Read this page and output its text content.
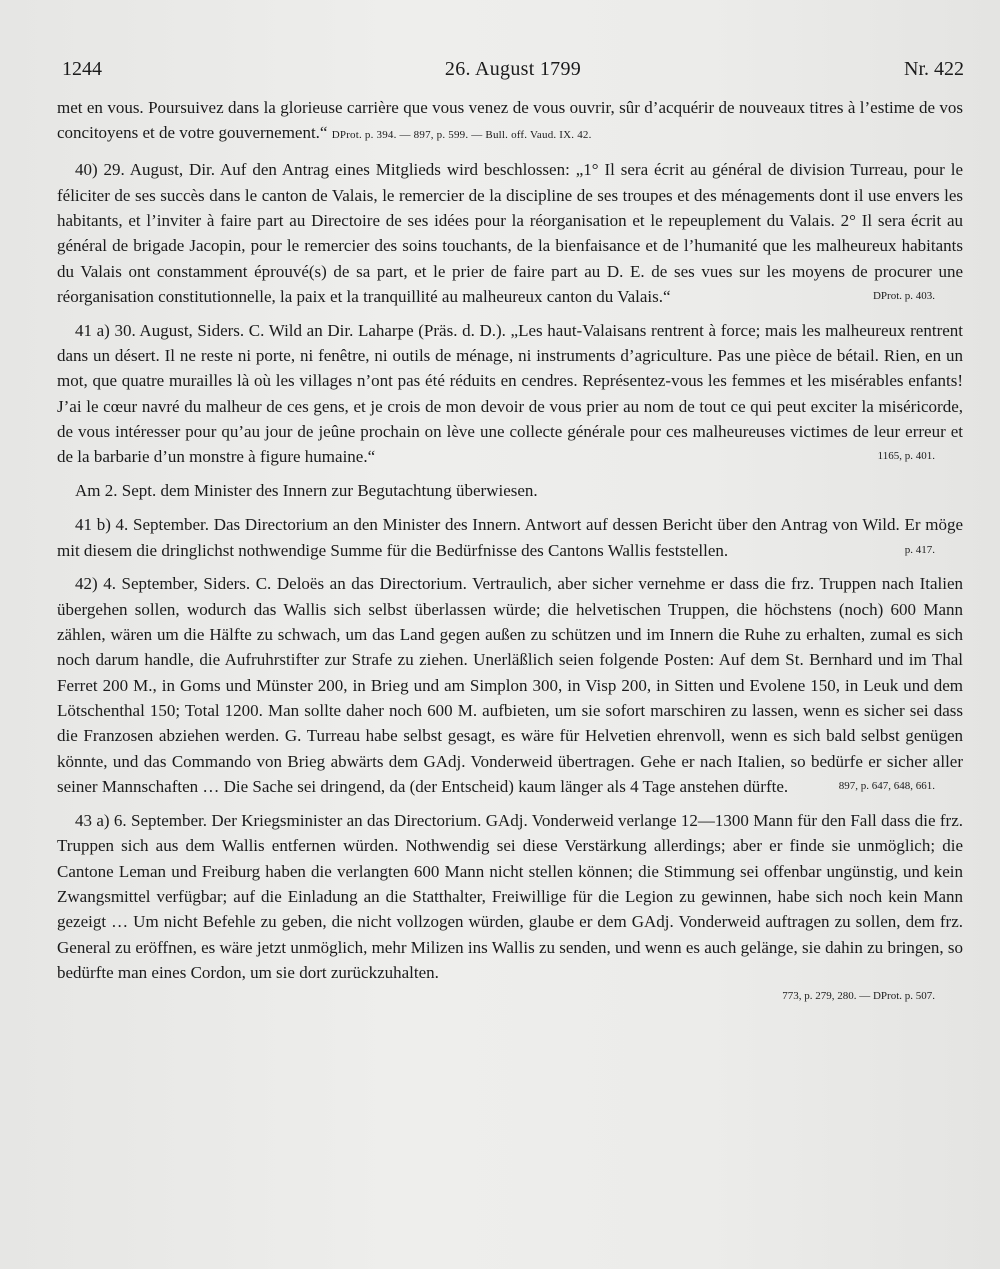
1244	26. August 1799	Nr. 422
met en vous. Poursuivez dans la glorieuse carrière que vous venez de vous ouvrir, sûr d’acquérir de nouveaux titres à l’estime de vos concitoyens et de votre gouvernement.“ DProt. p. 394. — 897, p. 599. — Bull. off. Vaud. IX. 42.
40) 29. August, Dir. Auf den Antrag eines Mitglieds wird beschlossen: „1° Il sera écrit au général de division Turreau, pour le féliciter de ses succès dans le canton de Valais, le remercier de la discipline de ses troupes et des ménagements dont il use envers les habitants, et l’inviter à faire part au Directoire de ses idées pour la réorganisation et le repeuplement du Valais. 2° Il sera écrit au général de brigade Jacopin, pour le remercier des soins touchants, de la bienfaisance et de l’humanité que les malheureux habitants du Valais ont constamment éprouvé(s) de sa part, et le prier de faire part au D. E. de ses vues sur les moyens de procurer une réorganisation constitutionnelle, la paix et la tranquillité au malheureux canton du Valais.“	DProt. p. 403.
41 a) 30. August, Siders. C. Wild an Dir. Laharpe (Präs. d. D.). „Les haut-Valaisans rentrent à force; mais les malheureux rentrent dans un désert. Il ne reste ni porte, ni fenêtre, ni outils de ménage, ni instruments d’agriculture. Pas une pièce de bétail. Rien, en un mot, que quatre murailles là où les villages n’ont pas été réduits en cendres. Représentez-vous les femmes et les misérables enfants! J’ai le cœur navré du malheur de ces gens, et je crois de mon devoir de vous prier au nom de tout ce qui peut exciter la miséricorde, de vous intéresser pour qu’au jour de jeûne prochain on lève une collecte générale pour ces malheureuses victimes de leur erreur et de la barbarie d’un monstre à figure humaine.“	1165, p. 401.
Am 2. Sept. dem Minister des Innern zur Begutachtung überwiesen.
41 b) 4. September. Das Directorium an den Minister des Innern. Antwort auf dessen Bericht über den Antrag von Wild. Er möge mit diesem die dringlichst nothwendige Summe für die Bedürfnisse des Cantons Wallis feststellen.	p. 417.
42) 4. September, Siders. C. Deloës an das Directorium. Vertraulich, aber sicher vernehme er dass die frz. Truppen nach Italien übergehen sollen, wodurch das Wallis sich selbst überlassen würde; die helvetischen Truppen, die höchstens (noch) 600 Mann zählen, wären um die Hälfte zu schwach, um das Land gegen außen zu schützen und im Innern die Ruhe zu erhalten, zumal es sich noch darum handle, die Aufruhrstifter zur Strafe zu ziehen. Unerläßlich seien folgende Posten: Auf dem St. Bernhard und im Thal Ferret 200 M., in Goms und Münster 200, in Brieg und am Simplon 300, in Visp 200, in Sitten und Evolene 150, in Leuk und dem Lötschenthal 150; Total 1200. Man sollte daher noch 600 M. aufbieten, um sie sofort marschiren zu lassen, wenn es sicher sei dass die Franzosen abziehen werden. G. Turreau habe selbst gesagt, es wäre für Helvetien ehrenvoll, wenn es sich bald selbst genügen könnte, und das Commando von Brieg abwärts dem GAdj. Vonderweid übertragen. Gehe er nach Italien, so bedürfe er sicher aller seiner Mannschaften … Die Sache sei dringend, da (der Entscheid) kaum länger als 4 Tage anstehen dürfte.	897, p. 647, 648, 661.
43 a) 6. September. Der Kriegsminister an das Directorium. GAdj. Vonderweid verlange 12—1300 Mann für den Fall dass die frz. Truppen sich aus dem Wallis entfernen würden. Nothwendig sei diese Verstärkung allerdings; aber er finde sie unmöglich; die Cantone Leman und Freiburg haben die verlangten 600 Mann nicht stellen können; die Stimmung sei offenbar ungünstig, und kein Zwangsmittel verfügbar; auf die Einladung an die Statthalter, Freiwillige für die Legion zu gewinnen, habe sich noch kein Mann gezeigt … Um nicht Befehle zu geben, die nicht vollzogen würden, glaube er dem GAdj. Vonderweid auftragen zu sollen, dem frz. General zu eröffnen, es wäre jetzt unmöglich, mehr Milizen ins Wallis zu senden, und wenn es auch gelänge, sie dahin zu bringen, so bedürfte man eines Cordon, um sie dort zurückzuhalten.
773, p. 279, 280. — DProt. p. 507.
